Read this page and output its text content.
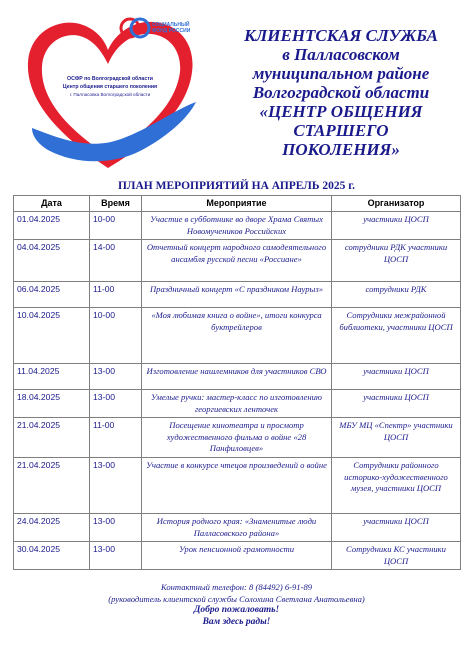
СОЦИАЛЬНЫЙ
ФОНД РОССИИ
ОСФР по Волгоградской области
Центр общения старшего поколения
г. Палласовка Волгоградской области
КЛИЕНТСКАЯ СЛУЖБА
в Палласовском
муниципальном районе
Волгоградской области
«ЦЕНТР ОБЩЕНИЯ
СТАРШЕГО
ПОКОЛЕНИЯ»
ПЛАН МЕРОПРИЯТИЙ НА АПРЕЛЬ 2025 г.
Дата	Время	Мероприятие	Организатор
01.04.2025	10-00	Участие в субботнике во дворе Храма Святых Новомучеников Российских	участники ЦОСП
04.04.2025	14-00	Отчетный концерт народного самодеятельного ансамбля русской песни «Россиане»	сотрудники РДК участники ЦОСП
06.04.2025	11-00	Праздничный концерт «С праздником Наурыз»	сотрудники РДК
10.04.2025	10-00	«Моя любимая книга о войне», итоги конкурса буктрейлеров	Сотрудники межрайонной библиотеки, участники ЦОСП
11.04.2025	13-00	Изготовление нашлемников для участников СВО	участники ЦОСП
18.04.2025	13-00	Умелые ручки: мастер-класс по изготовлению георгиевских ленточек	участники ЦОСП
21.04.2025	11-00	Посещение кинотеатра и просмотр художественного фильма о войне «28 Панфиловцев»	МБУ МЦ «Спектр» участники ЦОСП
21.04.2025	13-00	Участие в конкурсе чтецов произведений о войне	Сотрудники районного историко-художественного музея, участники ЦОСП
24.04.2025	13-00	История родного края: «Знаменитые люди Палласовского района»	участники ЦОСП
30.04.2025	13-00	Урок пенсионной грамотности	Сотрудники КС участники ЦОСП
Контактный телефон: 8 (84492) 6-91-89
(руководитель клиентской службы Солохина Светлана Анатольевна)
Добро пожаловать!
Вам здесь рады!
